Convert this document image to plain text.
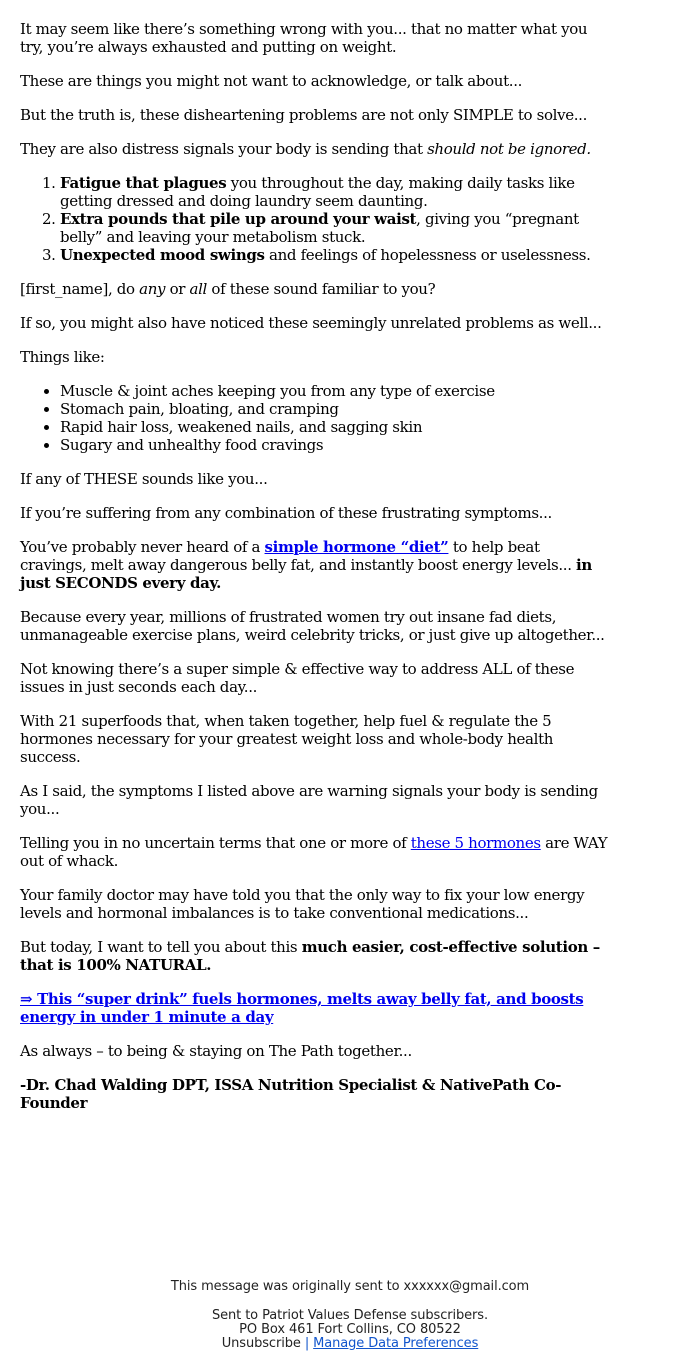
It may seem like there’s something wrong with you... that no matter what you try, you’re always exhausted and putting on weight.

These are things you might not want to acknowledge, or talk about...

But the truth is, these disheartening problems are not only SIMPLE to solve...

They are also distress signals your body is sending that should not be ignored.

1. Fatigue that plagues you throughout the day, making daily tasks like getting dressed and doing laundry seem daunting.
2. Extra pounds that pile up around your waist, giving you “pregnant belly” and leaving your metabolism stuck.
3. Unexpected mood swings and feelings of hopelessness or uselessness.

[first_name], do any or all of these sound familiar to you?

If so, you might also have noticed these seemingly unrelated problems as well...

Things like:

• Muscle & joint aches keeping you from any type of exercise
• Stomach pain, bloating, and cramping
• Rapid hair loss, weakened nails, and sagging skin
• Sugary and unhealthy food cravings

If any of THESE sounds like you...

If you’re suffering from any combination of these frustrating symptoms...

You’ve probably never heard of a simple hormone “diet” to help beat cravings, melt away dangerous belly fat, and instantly boost energy levels... in just SECONDS every day.

Because every year, millions of frustrated women try out insane fad diets, unmanageable exercise plans, weird celebrity tricks, or just give up altogether...

Not knowing there’s a super simple & effective way to address ALL of these issues in just seconds each day...

With 21 superfoods that, when taken together, help fuel & regulate the 5 hormones necessary for your greatest weight loss and whole-body health success.

As I said, the symptoms I listed above are warning signals your body is sending you...

Telling you in no uncertain terms that one or more of these 5 hormones are WAY out of whack.

Your family doctor may have told you that the only way to fix your low energy levels and hormonal imbalances is to take conventional medications...

But today, I want to tell you about this much easier, cost-effective solution – that is 100% NATURAL.

⇒ This “super drink” fuels hormones, melts away belly fat, and boosts energy in under 1 minute a day

As always – to being & staying on The Path together...

-Dr. Chad Walding DPT, ISSA Nutrition Specialist & NativePath Co-Founder

This message was originally sent to xxxxxx@gmail.com
Sent to Patriot Values Defense subscribers.
PO Box 461 Fort Collins, CO 80522
Unsubscribe | Manage Data Preferences
